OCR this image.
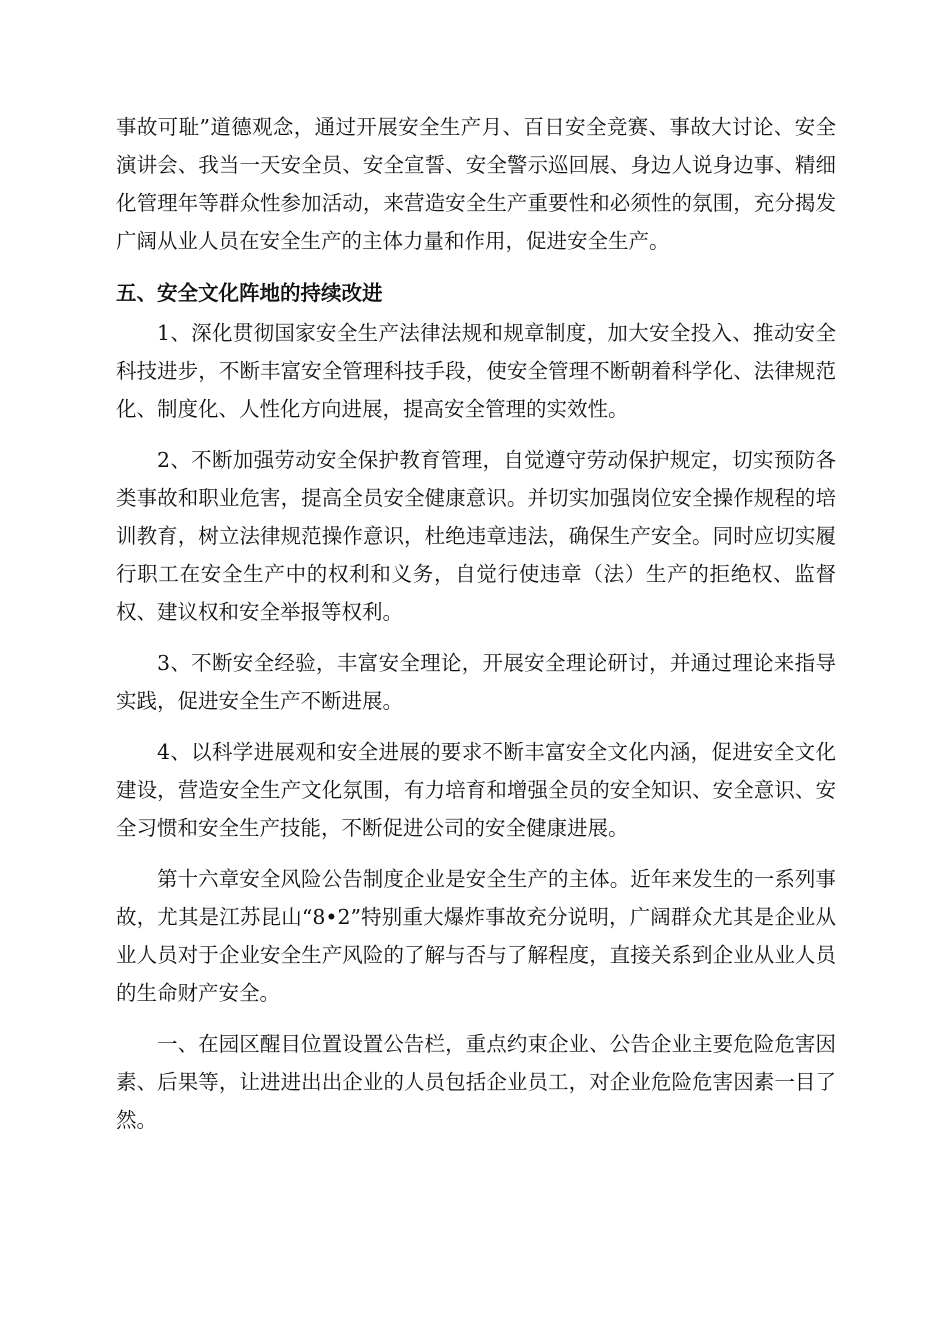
事故可耻”道德观念，通过开展安全生产月、百日安全竞赛、事故大讨论、安全演讲会、我当一天安全员、安全宣誓、安全警示巡回展、身边人说身边事、精细化管理年等群众性参加活动，来营造安全生产重要性和必须性的氛围，充分揭发广阔从业人员在安全生产的主体力量和作用，促进安全生产。

五、安全文化阵地的持续改进

1、深化贯彻国家安全生产法律法规和规章制度，加大安全投入、推动安全科技进步，不断丰富安全管理科技手段，使安全管理不断朝着科学化、法律规范化、制度化、人性化方向进展，提高安全管理的实效性。

2、不断加强劳动安全保护教育管理，自觉遵守劳动保护规定，切实预防各类事故和职业危害，提高全员安全健康意识。并切实加强岗位安全操作规程的培训教育，树立法律规范操作意识，杜绝违章违法，确保生产安全。同时应切实履行职工在安全生产中的权利和义务，自觉行使违章（法）生产的拒绝权、监督权、建议权和安全举报等权利。

3、不断安全经验，丰富安全理论，开展安全理论研讨，并通过理论来指导实践，促进安全生产不断进展。

4、以科学进展观和安全进展的要求不断丰富安全文化内涵，促进安全文化建设，营造安全生产文化氛围，有力培育和增强全员的安全知识、安全意识、安全习惯和安全生产技能，不断促进公司的安全健康进展。

第十六章安全风险公告制度企业是安全生产的主体。近年来发生的一系列事故，尤其是江苏昆山“8•2”特别重大爆炸事故充分说明，广阔群众尤其是企业从业人员对于企业安全生产风险的了解与否与了解程度，直接关系到企业从业人员的生命财产安全。

一、在园区醒目位置设置公告栏，重点约束企业、公告企业主要危险危害因素、后果等，让进进出出企业的人员包括企业员工，对企业危险危害因素一目了然。
